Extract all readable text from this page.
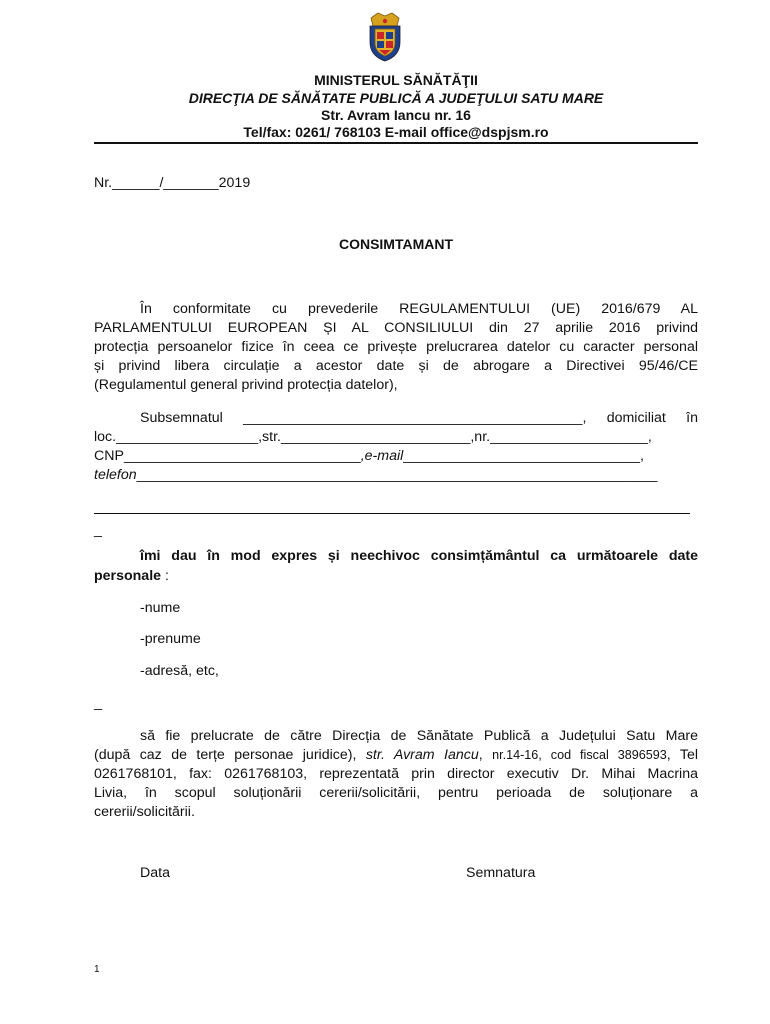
MINISTERUL SĂNĂTĂŢII
DIRECŢIA DE SĂNĂTATE PUBLICĂ A JUDEŢULUI SATU MARE
Str. Avram Iancu nr. 16
Tel/fax: 0261/ 768103 E-mail office@dspjsm.ro
Nr.______/_______2019
CONSIMTAMANT
În conformitate cu prevederile REGULAMENTULUI (UE) 2016/679 AL
PARLAMENTULUI EUROPEAN ȘI AL CONSILIULUI din 27 aprilie 2016 privind
protecția persoanelor fizice în ceea ce privește prelucrarea datelor cu caracter personal
și privind libera circulație a acestor date și de abrogare a Directivei 95/46/CE
(Regulamentul general privind protecția datelor),
Subsemnatul ___________________________________________, domiciliat în
loc.__________________,str.________________________,nr.____________________,
CNP______________________________,e-mail______________________________,
telefon__________________________________________________________________
_
îmi dau în mod expres și neechivoc consimțământul ca următoarele date
personale :
-nume
-prenume
-adresă, etc,
_
să fie prelucrate de către Direcția de Sănătate Publică a Județului Satu Mare
(după caz de terțe personae juridice), str. Avram Iancu, nr.14-16, cod fiscal 3896593, Tel
0261768101, fax: 0261768103, reprezentată prin director executiv Dr. Mihai Macrina
Livia, în scopul soluționării cererii/solicitării, pentru perioada de soluționare a
cererii/solicitării.
Data	Semnatura
1
